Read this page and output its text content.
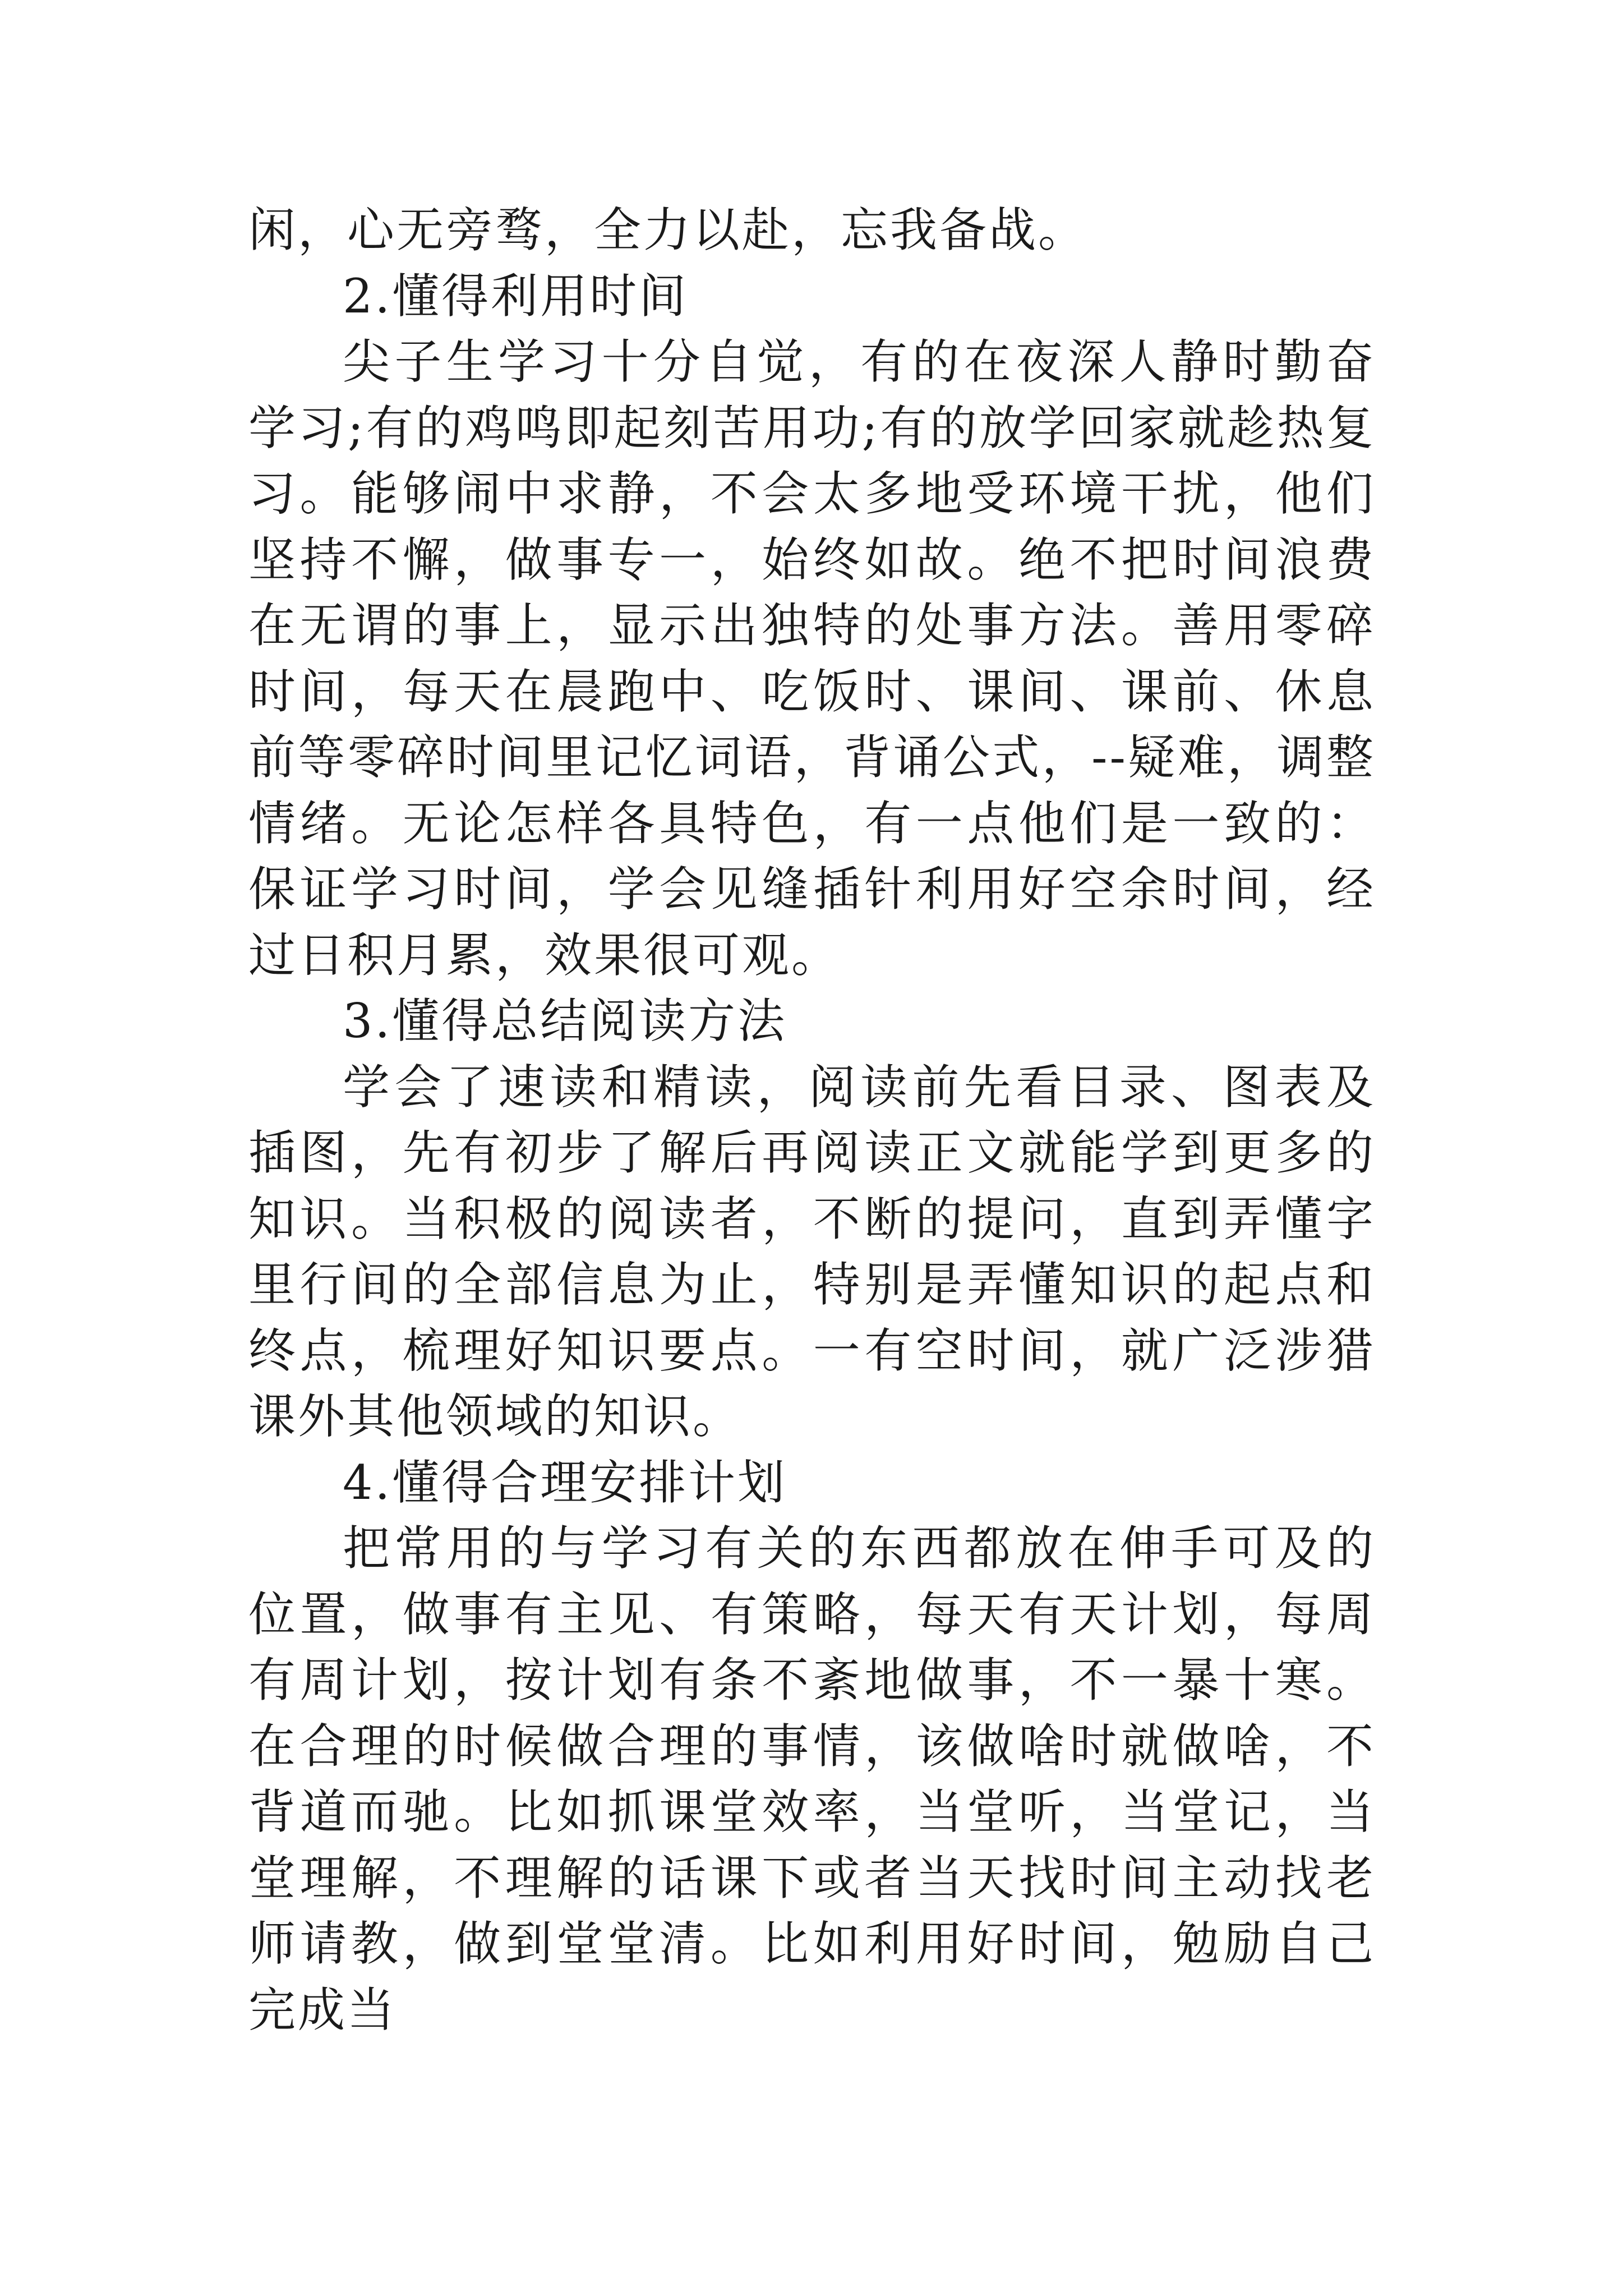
闲，心无旁骛，全力以赴，忘我备战。

2.懂得利用时间

尖子生学习十分自觉，有的在夜深人静时勤奋学习;有的鸡鸣即起刻苦用功;有的放学回家就趁热复习。能够闹中求静，不会太多地受环境干扰，他们坚持不懈，做事专一，始终如故。绝不把时间浪费在无谓的事上，显示出独特的处事方法。善用零碎时间，每天在晨跑中、吃饭时、课间、课前、休息前等零碎时间里记忆词语，背诵公式，--疑难，调整情绪。无论怎样各具特色，有一点他们是一致的：保证学习时间，学会见缝插针利用好空余时间，经过日积月累，效果很可观。

3.懂得总结阅读方法

学会了速读和精读，阅读前先看目录、图表及插图，先有初步了解后再阅读正文就能学到更多的知识。当积极的阅读者，不断的提问，直到弄懂字里行间的全部信息为止，特别是弄懂知识的起点和终点，梳理好知识要点。一有空时间，就广泛涉猎课外其他领域的知识。

4.懂得合理安排计划

把常用的与学习有关的东西都放在伸手可及的位置，做事有主见、有策略，每天有天计划，每周有周计划，按计划有条不紊地做事，不一暴十寒。在合理的时候做合理的事情，该做啥时就做啥，不背道而驰。比如抓课堂效率，当堂听，当堂记，当堂理解，不理解的话课下或者当天找时间主动找老师请教，做到堂堂清。比如利用好时间，勉励自己完成当
